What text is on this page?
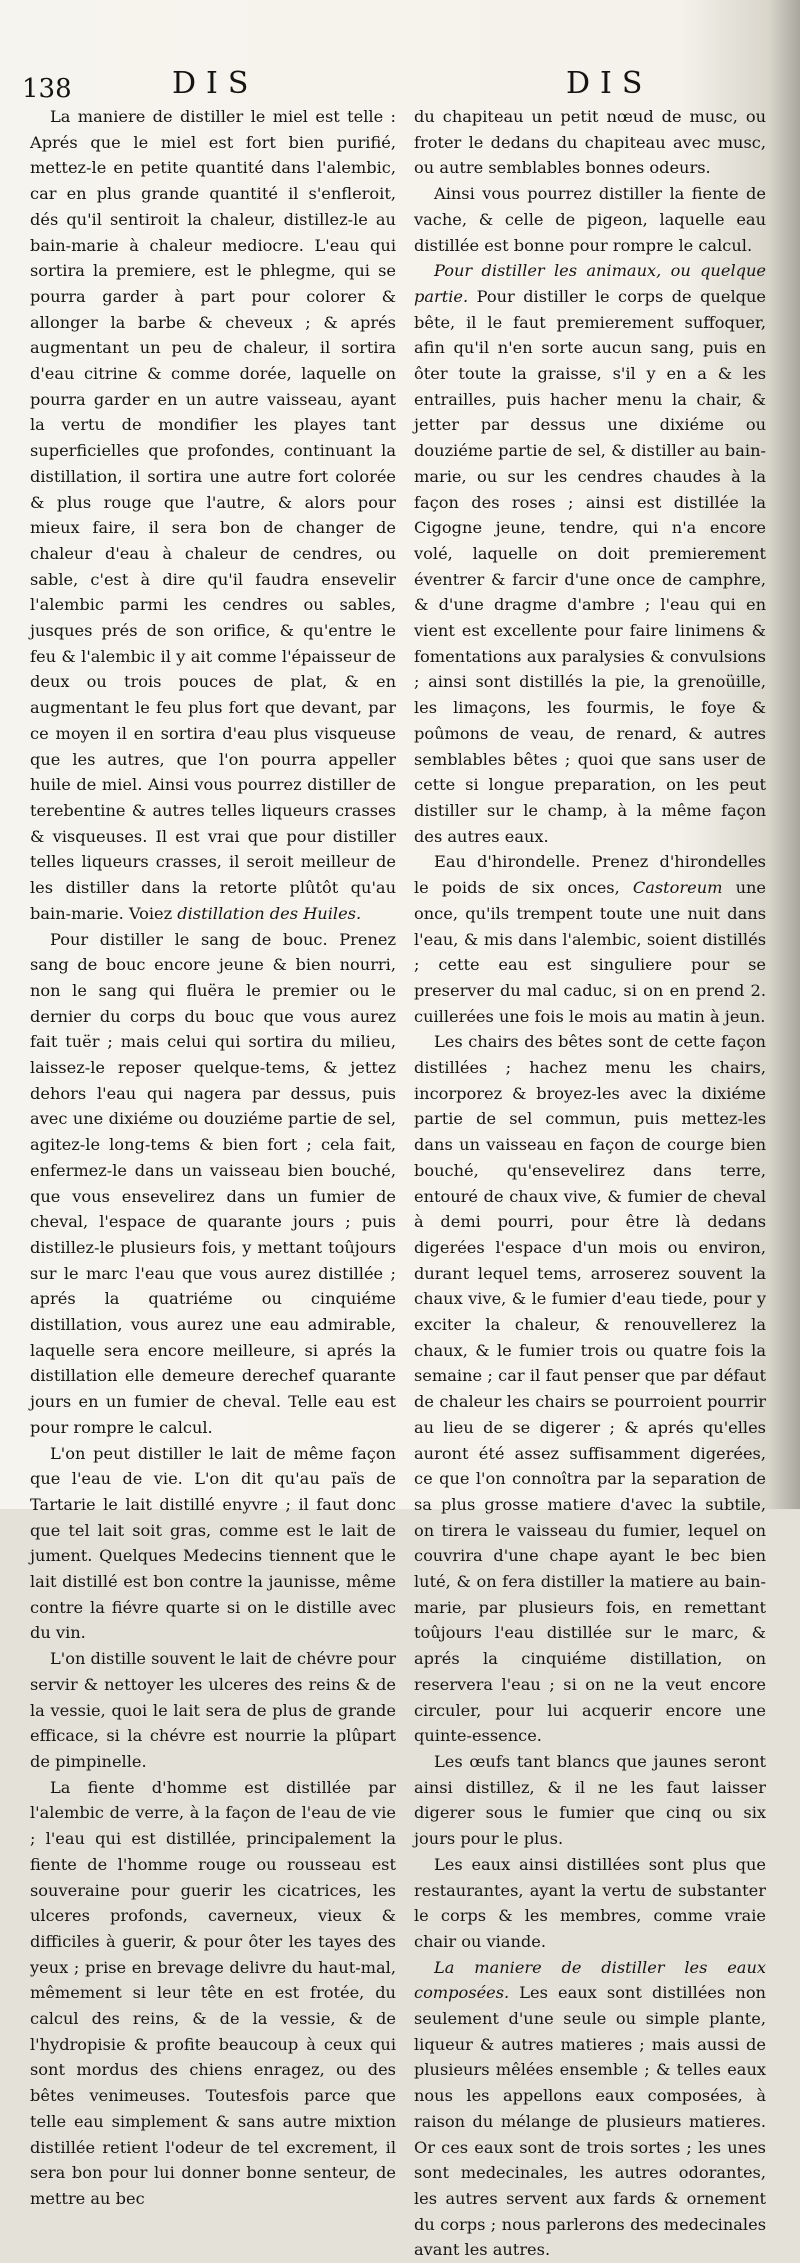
138	DIS	DIS

La maniere de distiller le miel est telle : Aprés que le miel est fort bien purifié, mettez-le en petite quantité dans l'alembic, car en plus grande quantité il s'enfleroit, dés qu'il sentiroit la chaleur, distillez-le au bain-marie à chaleur mediocre. L'eau qui sortira la premiere, est le phlegme, qui se pourra garder à part pour colorer & allonger la barbe & cheveux ; & aprés augmentant un peu de chaleur, il sortira d'eau citrine & comme dorée, laquelle on pourra garder en un autre vaisseau, ayant la vertu de mondifier les playes tant superficielles que profondes, continuant la distillation, il sortira une autre fort colorée & plus rouge que l'autre, & alors pour mieux faire, il sera bon de changer de chaleur d'eau à chaleur de cendres, ou sable, c'est à dire qu'il faudra ensevelir l'alembic parmi les cendres ou sables, jusques prés de son orifice, & qu'entre le feu & l'alembic il y ait comme l'épaisseur de deux ou trois pouces de plat, & en augmentant le feu plus fort que devant, par ce moyen il en sortira d'eau plus visqueuse que les autres, que l'on pourra appeller huile de miel. Ainsi vous pourrez distiller de terebentine & autres telles liqueurs crasses & visqueuses. Il est vrai que pour distiller telles liqueurs crasses, il seroit meilleur de les distiller dans la retorte plûtôt qu'au bain-marie. Voiez distillation des Huiles.

Pour distiller le sang de bouc. Prenez sang de bouc encore jeune & bien nourri, non le sang qui fluëra le premier ou le dernier du corps du bouc que vous aurez fait tuër ; mais celui qui sortira du milieu, laissez-le reposer quelque-tems, & jettez dehors l'eau qui nagera par dessus, puis avec une dixiéme ou douziéme partie de sel, agitez-le long-tems & bien fort ; cela fait, enfermez-le dans un vaisseau bien bouché, que vous ensevelirez dans un fumier de cheval, l'espace de quarante jours ; puis distillez-le plusieurs fois, y mettant toûjours sur le marc l'eau que vous aurez distillée ; aprés la quatriéme ou cinquiéme distillation, vous aurez une eau admirable, laquelle sera encore meilleure, si aprés la distillation elle demeure derechef quarante jours en un fumier de cheval. Telle eau est pour rompre le calcul.

L'on peut distiller le lait de même façon que l'eau de vie. L'on dit qu'au païs de Tartarie le lait distillé enyvre ; il faut donc que tel lait soit gras, comme est le lait de jument. Quelques Medecins tiennent que le lait distillé est bon contre la jaunisse, même contre la fiévre quarte si on le distille avec du vin.

L'on distille souvent le lait de chévre pour servir & nettoyer les ulceres des reins & de la vessie, quoi le lait sera de plus de grande efficace, si la chévre est nourrie la plûpart de pimpinelle.

La fiente d'homme est distillée par l'alembic de verre, à la façon de l'eau de vie ; l'eau qui est distillée, principalement la fiente de l'homme rouge ou rousseau est souveraine pour guerir les cicatrices, les ulceres profonds, caverneux, vieux & difficiles à guerir, & pour ôter les tayes des yeux ; prise en brevage delivre du haut-mal, mêmement si leur tête en est frotée, du calcul des reins, & de la vessie, & de l'hydropisie & profite beaucoup à ceux qui sont mordus des chiens enragez, ou des bêtes venimeuses. Toutesfois parce que telle eau simplement & sans autre mixtion distillée retient l'odeur de tel excrement, il sera bon pour lui donner bonne senteur, de mettre au bec

du chapiteau un petit nœud de musc, ou froter le dedans du chapiteau avec musc, ou autre semblables bonnes odeurs.

Ainsi vous pourrez distiller la fiente de vache, & celle de pigeon, laquelle eau distillée est bonne pour rompre le calcul.

Pour distiller les animaux, ou quelque partie. Pour distiller le corps de quelque bête, il le faut premierement suffoquer, afin qu'il n'en sorte aucun sang, puis en ôter toute la graisse, s'il y en a & les entrailles, puis hacher menu la chair, & jetter par dessus une dixiéme ou douziéme partie de sel, & distiller au bain-marie, ou sur les cendres chaudes à la façon des roses ; ainsi est distillée la Cigogne jeune, tendre, qui n'a encore volé, laquelle on doit premierement éventrer & farcir d'une once de camphre, & d'une dragme d'ambre ; l'eau qui en vient est excellente pour faire linimens & fomentations aux paralysies & convulsions ; ainsi sont distillés la pie, la grenoüille, les limaçons, les fourmis, le foye & poûmons de veau, de renard, & autres semblables bêtes ; quoi que sans user de cette si longue preparation, on les peut distiller sur le champ, à la même façon des autres eaux.

Eau d'hirondelle. Prenez d'hirondelles le poids de six onces, Castoreum une once, qu'ils trempent toute une nuit dans l'eau, & mis dans l'alembic, soient distillés ; cette eau est singuliere pour se preserver du mal caduc, si on en prend 2. cuillerées une fois le mois au matin à jeun.

Les chairs des bêtes sont de cette façon distillées ; hachez menu les chairs, incorporez & broyez-les avec la dixiéme partie de sel commun, puis mettez-les dans un vaisseau en façon de courge bien bouché, qu'ensevelirez dans terre, entouré de chaux vive, & fumier de cheval à demi pourri, pour être là dedans digerées l'espace d'un mois ou environ, durant lequel tems, arroserez souvent la chaux vive, & le fumier d'eau tiede, pour y exciter la chaleur, & renouvellerez la chaux, & le fumier trois ou quatre fois la semaine ; car il faut penser que par défaut de chaleur les chairs se pourroient pourrir au lieu de se digerer ; & aprés qu'elles auront été assez suffisamment digerées, ce que l'on connoîtra par la separation de sa plus grosse matiere d'avec la subtile, on tirera le vaisseau du fumier, lequel on couvrira d'une chape ayant le bec bien luté, & on fera distiller la matiere au bain-marie, par plusieurs fois, en remettant toûjours l'eau distillée sur le marc, & aprés la cinquiéme distillation, on reservera l'eau ; si on ne la veut encore circuler, pour lui acquerir encore une quinte-essence.

Les œufs tant blancs que jaunes seront ainsi distillez, & il ne les faut laisser digerer sous le fumier que cinq ou six jours pour le plus.

Les eaux ainsi distillées sont plus que restaurantes, ayant la vertu de substanter le corps & les membres, comme vraie chair ou viande.

La maniere de distiller les eaux composées. Les eaux sont distillées non seulement d'une seule ou simple plante, liqueur & autres matieres ; mais aussi de plusieurs mêlées ensemble ; & telles eaux nous les appellons eaux composées, à raison du mélange de plusieurs matieres. Or ces eaux sont de trois sortes ; les unes sont medecinales, les autres odorantes, les autres servent aux fards & ornement du corps ; nous parlerons des medecinales avant les autres.
